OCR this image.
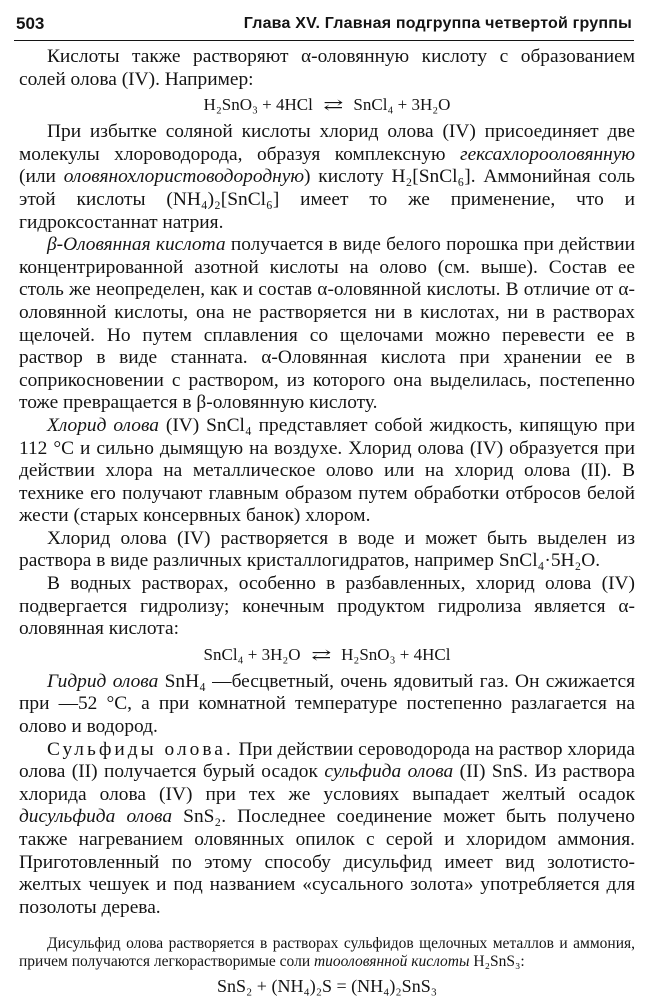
503	Глава XV. Главная подгруппа четвертой группы

Кислоты также растворяют α-оловянную кислоту с образованием солей олова (IV). Например:

H₂SnO₃ + 4HCl ⇄ SnCl₄ + 3H₂O

При избытке соляной кислоты хлорид олова (IV) присоединяет две молекулы хлороводорода, образуя комплексную гексахлорооловянную (или оловянохлористоводородную) кислоту H₂[SnCl₆]. Аммонийная соль этой кислоты (NH₄)₂[SnCl₆] имеет то же применение, что и гидроксостаннат натрия.

β-Оловянная кислота получается в виде белого порошка при действии концентрированной азотной кислоты на олово (см. выше). Состав ее столь же неопределен, как и состав α-оловянной кислоты. В отличие от α-оловянной кислоты, она не растворяется ни в кислотах, ни в растворах щелочей. Но путем сплавления со щелочами можно перевести ее в раствор в виде станната. α-Оловянная кислота при хранении ее в соприкосновении с раствором, из которого она выделилась, постепенно тоже превращается в β-оловянную кислоту.

Хлорид олова (IV) SnCl₄ представляет собой жидкость, кипящую при 112 °C и сильно дымящую на воздухе. Хлорид олова (IV) образуется при действии хлора на металлическое олово или на хлорид олова (II). В технике его получают главным образом путем обработки отбросов белой жести (старых консервных банок) хлором.

Хлорид олова (IV) растворяется в воде и может быть выделен из раствора в виде различных кристаллогидратов, например SnCl₄·5H₂O.

В водных растворах, особенно в разбавленных, хлорид олова (IV) подвергается гидролизу; конечным продуктом гидролиза является α-оловянная кислота:

SnCl₄ + 3H₂O ⇄ H₂SnO₃ + 4HCl

Гидрид олова SnH₄ —бесцветный, очень ядовитый газ. Он сжижается при —52 °C, а при комнатной температуре постепенно разлагается на олово и водород.

Сульфиды олова. При действии сероводорода на раствор хлорида олова (II) получается бурый осадок сульфида олова (II) SnS. Из раствора хлорида олова (IV) при тех же условиях выпадает желтый осадок дисульфида олова SnS₂. Последнее соединение может быть получено также нагреванием оловянных опилок с серой и хлоридом аммония. Приготовленный по этому способу дисульфид имеет вид золотисто-желтых чешуек и под названием «сусального золота» употребляется для позолоты дерева.

Дисульфид олова растворяется в растворах сульфидов щелочных металлов и аммония, причем получаются легкорастворимые соли тиооловянной кислоты H₂SnS₃:

SnS₂ + (NH₄)₂S = (NH₄)₂SnS₃
